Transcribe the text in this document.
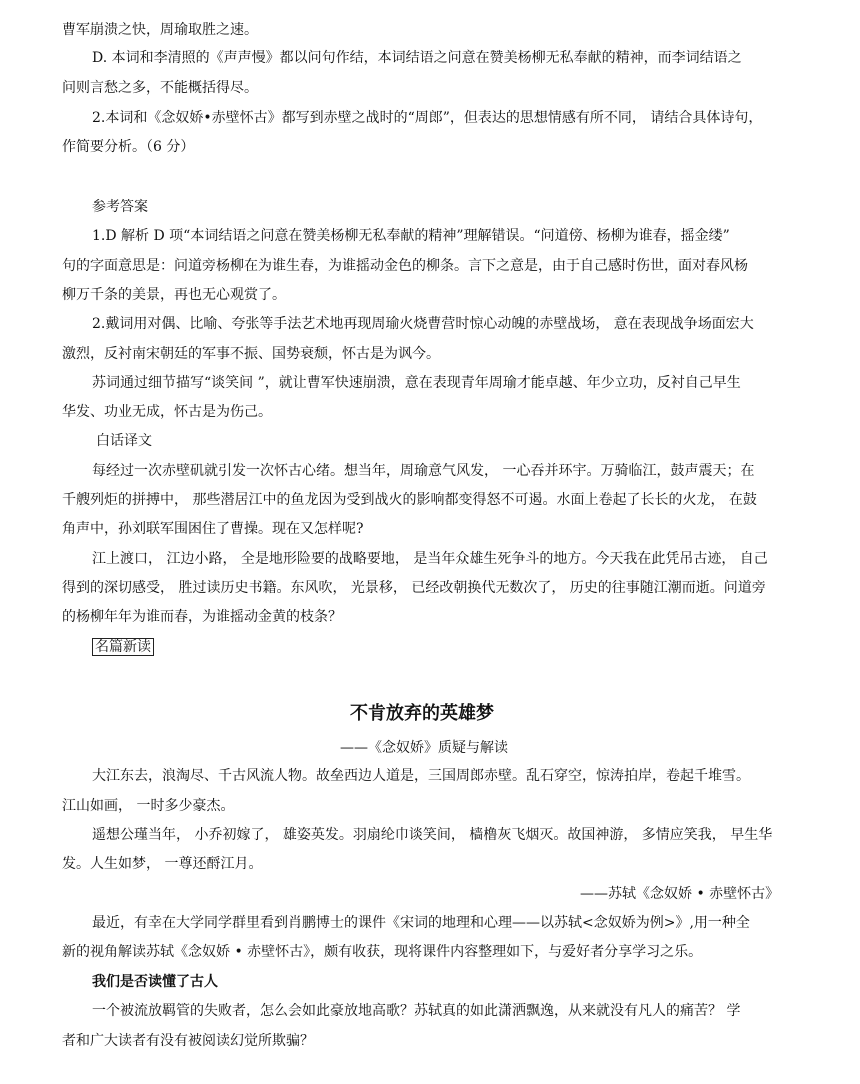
曹军崩溃之快，周瑜取胜之速。
D. 本词和李清照的《声声慢》都以问句作结，本词结语之问意在赞美杨柳无私奉献的精神，而李词结语之
问则言愁之多，不能概括得尽。
2.本词和《念奴娇•赤壁怀古》都写到赤壁之战时的“周郎”，但表达的思想情感有所不同， 请结合具体诗句，
作简要分析。（6 分）
参考答案
1.D 解析 D 项“本词结语之问意在赞美杨柳无私奉献的精神”理解错误。“问道傍、杨柳为谁春，摇金缕”
句的字面意思是：问道旁杨柳在为谁生春，为谁摇动金色的柳条。言下之意是，由于自己感时伤世，面对春风杨
柳万千条的美景，再也无心观赏了。
2.戴词用对偶、比喻、夸张等手法艺术地再现周瑜火烧曹营时惊心动魄的赤壁战场， 意在表现战争场面宏大
激烈，反衬南宋朝廷的军事不振、国势衰颓，怀古是为讽今。
苏词通过细节描写“谈笑间 ”，就让曹军快速崩溃，意在表现青年周瑜才能卓越、年少立功，反衬自己早生
华发、功业无成，怀古是为伤己。
白话译文
每经过一次赤壁矶就引发一次怀古心绪。想当年，周瑜意气风发， 一心吞并环宇。万骑临江，鼓声震天；在
千艘列炬的拼搏中， 那些潜居江中的鱼龙因为受到战火的影响都变得怒不可遏。水面上卷起了长长的火龙， 在鼓
角声中，孙刘联军围困住了曹操。现在又怎样呢?
江上渡口， 江边小路， 全是地形险要的战略要地， 是当年众雄生死争斗的地方。今天我在此凭吊古迹， 自己
得到的深切感受， 胜过读历史书籍。东风吹， 光景移， 已经改朝换代无数次了， 历史的往事随江潮而逝。问道旁
的杨柳年年为谁而春，为谁摇动金黄的枝条？
名篇新读
不肯放弃的英雄梦
——《念奴娇》质疑与解读
大江东去，浪淘尽、千古风流人物。故垒西边人道是，三国周郎赤壁。乱石穿空，惊涛拍岸，卷起千堆雪。
江山如画， 一时多少豪杰。
遥想公瑾当年， 小乔初嫁了， 雄姿英发。羽扇纶巾谈笑间， 樯橹灰飞烟灭。故国神游， 多情应笑我， 早生华
发。人生如梦， 一尊还酹江月。
——苏轼《念奴娇 • 赤壁怀古》
最近，有幸在大学同学群里看到肖鹏博士的课件《宋词的地理和心理——以苏轼<念奴娇为例>》,用一种全
新的视角解读苏轼《念奴娇 • 赤壁怀古》，颇有收获，现将课件内容整理如下，与爱好者分享学习之乐。
我们是否读懂了古人
一个被流放羁管的失败者，怎么会如此豪放地高歌？苏轼真的如此潇洒飘逸，从来就没有凡人的痛苦？ 学
者和广大读者有没有被阅读幻觉所欺骗？
